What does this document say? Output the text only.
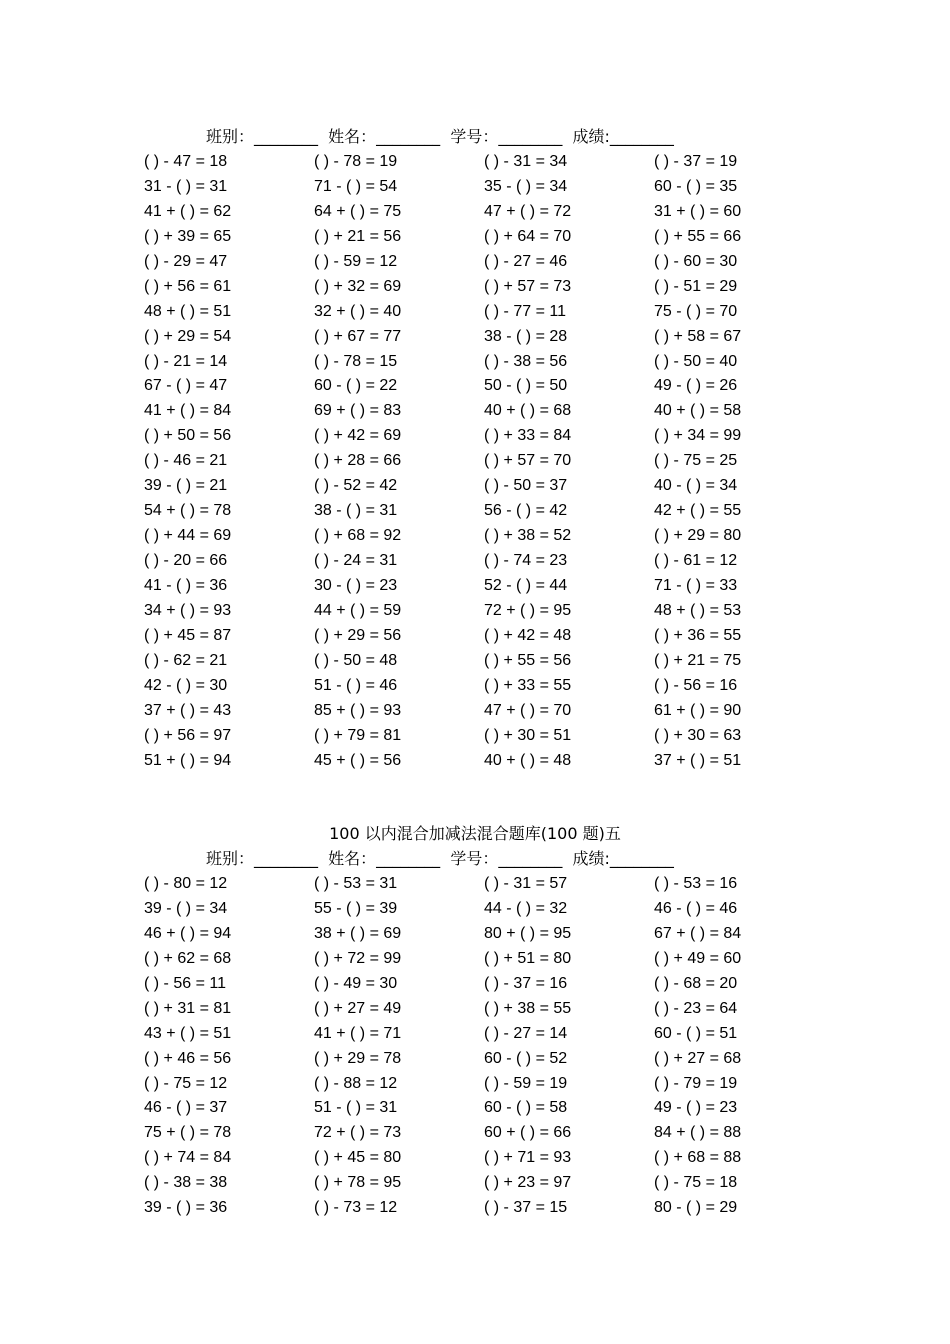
班别：________  姓名：________  学号：________  成绩:________
( ) - 47 = 18	( ) - 78 = 19	( ) - 31 = 34	( ) - 37 = 19
31 - ( ) = 31	71 - ( ) = 54	35 - ( ) = 34	60 - ( ) = 35
41 + ( ) = 62	64 + ( ) = 75	47 + ( ) = 72	31 + ( ) = 60
( ) + 39 = 65	( ) + 21 = 56	( ) + 64 = 70	( ) + 55 = 66
( ) - 29 = 47	( ) - 59 = 12	( ) - 27 = 46	( ) - 60 = 30
( ) + 56 = 61	( ) + 32 = 69	( ) + 57 = 73	( ) - 51 = 29
48 + ( ) = 51	32 + ( ) = 40	( ) - 77 = 11	75 - ( ) = 70
( ) + 29 = 54	( ) + 67 = 77	38 - ( ) = 28	( ) + 58 = 67
( ) - 21 = 14	( ) - 78 = 15	( ) - 38 = 56	( ) - 50 = 40
67 - ( ) = 47	60 - ( ) = 22	50 - ( ) = 50	49 - ( ) = 26
41 + ( ) = 84	69 + ( ) = 83	40 + ( ) = 68	40 + ( ) = 58
( ) + 50 = 56	( ) + 42 = 69	( ) + 33 = 84	( ) + 34 = 99
( ) - 46 = 21	( ) + 28 = 66	( ) + 57 = 70	( ) - 75 = 25
39 - ( ) = 21	( ) - 52 = 42	( ) - 50 = 37	40 - ( ) = 34
54 + ( ) = 78	38 - ( ) = 31	56 - ( ) = 42	42 + ( ) = 55
( ) + 44 = 69	( ) + 68 = 92	( ) + 38 = 52	( ) + 29 = 80
( ) - 20 = 66	( ) - 24 = 31	( ) - 74 = 23	( ) - 61 = 12
41 - ( ) = 36	30 - ( ) = 23	52 - ( ) = 44	71 - ( ) = 33
34 + ( ) = 93	44 + ( ) = 59	72 + ( ) = 95	48 + ( ) = 53
( ) + 45 = 87	( ) + 29 = 56	( ) + 42 = 48	( ) + 36 = 55
( ) - 62 = 21	( ) - 50 = 48	( ) + 55 = 56	( ) + 21 = 75
42 - ( ) = 30	51 - ( ) = 46	( ) + 33 = 55	( ) - 56 = 16
37 + ( ) = 43	85 + ( ) = 93	47 + ( ) = 70	61 + ( ) = 90
( ) + 56 = 97	( ) + 79 = 81	( ) + 30 = 51	( ) + 30 = 63
51 + ( ) = 94	45 + ( ) = 56	40 + ( ) = 48	37 + ( ) = 51
100 以内混合加减法混合题库(100 题)五
班别：________  姓名：________  学号：________  成绩:________
( ) - 80 = 12	( ) - 53 = 31	( ) - 31 = 57	( ) - 53 = 16
39 - ( ) = 34	55 - ( ) = 39	44 - ( ) = 32	46 - ( ) = 46
46 + ( ) = 94	38 + ( ) = 69	80 + ( ) = 95	67 + ( ) = 84
( ) + 62 = 68	( ) + 72 = 99	( ) + 51 = 80	( ) + 49 = 60
( ) - 56 = 11	( ) - 49 = 30	( ) - 37 = 16	( ) - 68 = 20
( ) + 31 = 81	( ) + 27 = 49	( ) + 38 = 55	( ) - 23 = 64
43 + ( ) = 51	41 + ( ) = 71	( ) - 27 = 14	60 - ( ) = 51
( ) + 46 = 56	( ) + 29 = 78	60 - ( ) = 52	( ) + 27 = 68
( ) - 75 = 12	( ) - 88 = 12	( ) - 59 = 19	( ) - 79 = 19
46 - ( ) = 37	51 - ( ) = 31	60 - ( ) = 58	49 - ( ) = 23
75 + ( ) = 78	72 + ( ) = 73	60 + ( ) = 66	84 + ( ) = 88
( ) + 74 = 84	( ) + 45 = 80	( ) + 71 = 93	( ) + 68 = 88
( ) - 38 = 38	( ) + 78 = 95	( ) + 23 = 97	( ) - 75 = 18
39 - ( ) = 36	( ) - 73 = 12	( ) - 37 = 15	80 - ( ) = 29
